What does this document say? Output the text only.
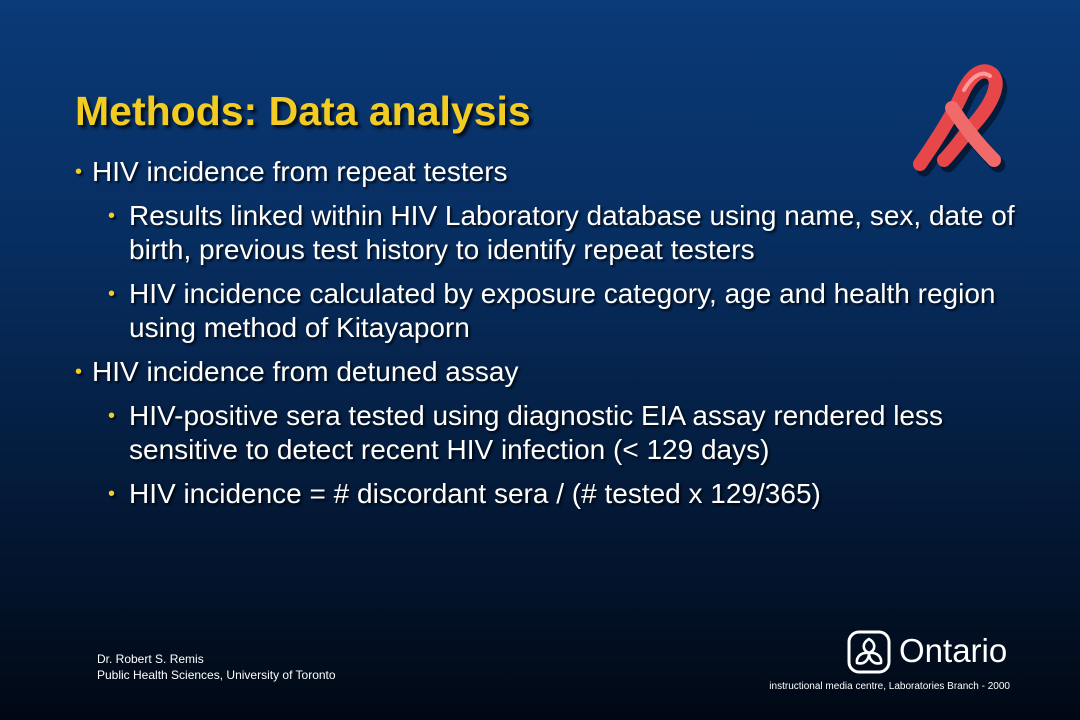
Methods: Data analysis
• HIV incidence from repeat testers
• Results linked within HIV Laboratory database using name, sex, date of birth, previous test history to identify repeat testers
• HIV incidence calculated by exposure category, age and health region using method of Kitayaporn
• HIV incidence from detuned assay
• HIV-positive sera tested using diagnostic EIA assay rendered less sensitive to detect recent HIV infection (< 129 days)
• HIV incidence = # discordant sera / (# tested x 129/365)
Dr. Robert S. Remis
Public Health Sciences, University of Toronto
Ontario
instructional media centre, Laboratories Branch - 2000
